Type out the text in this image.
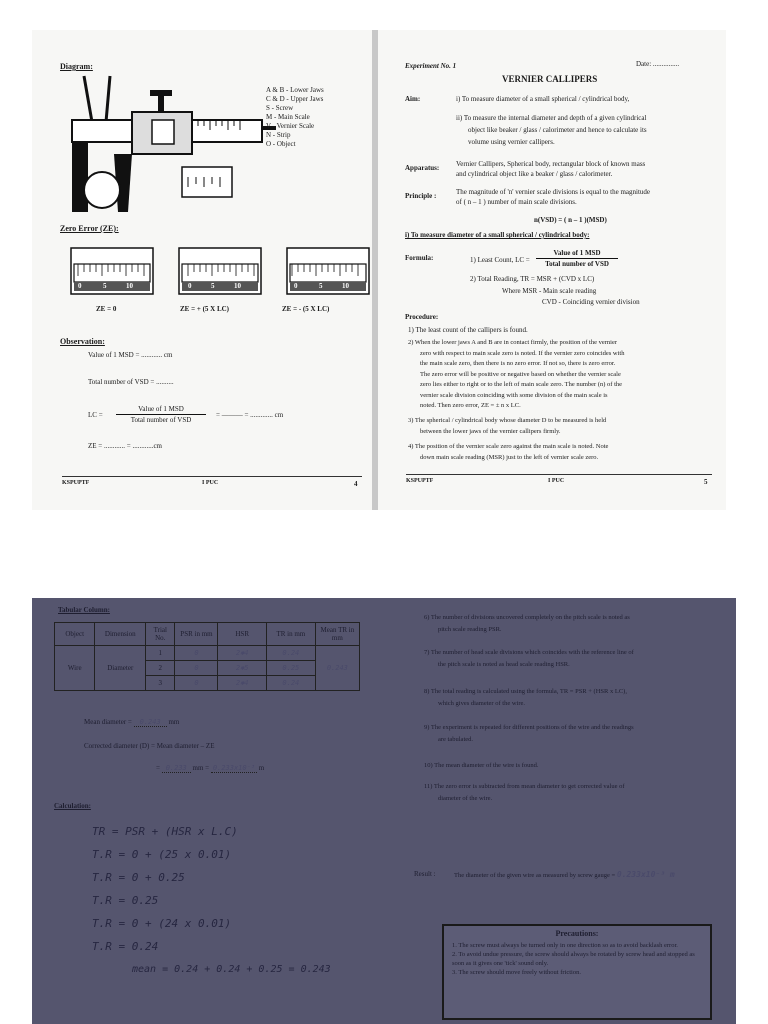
Diagram:
A & B - Lower Jaws
C & D - Upper Jaws
S - Screw
M - Main Scale
V - Vernier Scale
N - Strip
O - Object
Zero Error (ZE):
0	5	10	0	5	10	0	5	10
ZE = 0	ZE = + (5 X LC)	ZE = - (5 X LC)
Observation:
Value of 1 MSD = ............ cm
Total number of VSD = ..........
LC =
Value of 1 MSD
Total number of VSD
= ——— = ............. cm
ZE = ............ = ............cm
KSPUPTF	I PUC	4
Experiment No. 1	Date: ...............
VERNIER CALLIPERS
Aim:	i) To measure diameter of a small spherical / cylindrical body,
ii) To measure the internal diameter and depth of a given cylindrical
object like beaker / glass / calorimeter and hence to calculate its
volume using vernier callipers.
Apparatus: Vernier Callipers, Spherical body, rectangular block of known mass
and cylindrical object like a beaker / glass / calorimeter.
Principle :	The magnitude of 'n' vernier scale divisions is equal to the magnitude
of ( n – 1 ) number of main scale divisions.
n(VSD) = ( n – 1 )(MSD)
i) To measure diameter of a small spherical / cylindrical body:
Formula:	1) Least Count, LC =
Value of 1 MSD
Total number of VSD
2) Total Reading, TR = MSR + (CVD x LC)
Where MSR - Main scale reading
CVD - Coinciding vernier division
Procedure:
1) The least count of the callipers is found.
2) When the lower jaws A and B are in contact firmly, the position of the vernier
zero with respect to main scale zero is noted. If the vernier zero coincides with
the main scale zero, then there is no zero error. If not so, there is zero error.
The zero error will be positive or negative based on whether the vernier scale
zero lies either to right or to the left of main scale zero. The number (n) of the
vernier scale division coinciding with some division of the main scale is
noted. Then zero error, ZE = ± n x LC.
3) The spherical / cylindrical body whose diameter D to be measured is held
between the lower jaws of the vernier callipers firmly.
4) The position of the vernier scale zero against the main scale is noted. Note
down main scale reading (MSR) just to the left of vernier scale zero.
KSPUPTF	I PUC	5
Tabular Column:
Object	Dimension	Trial No.	PSR in mm	HSR	TR in mm	Mean TR in mm
Wire	Diameter	1	0	2✱4	0.24	0.243
		2	0	2✱5	0.25	
		3	0	2✱4	0.24	
Mean diameter = 0.243 mm
Corrected diameter (D) = Mean diameter – ZE
= 0.233 mm = 0.233x10⁻³ m
Calculation:
TR = PSR + (HSR x L.C)
T.R = 0 + (25 x 0.01)
T.R = 0 + 0.25
T.R = 0.25
T.R = 0 + (24 x 0.01)
T.R = 0.24
mean = 0.24 + 0.24 + 0.25 = 0.243
6) The number of divisions uncovered completely on the pitch scale is noted as
pitch scale reading PSR.
7) The number of head scale divisions which coincides with the reference line of
the pitch scale is noted as head scale reading HSR.
8) The total reading is calculated using the formula, TR = PSR + (HSR x LC),
which gives diameter of the wire.
9) The experiment is repeated for different positions of the wire and the readings
are tabulated.
10) The mean diameter of the wire is found.
11) The zero error is subtracted from mean diameter to get corrected value of
diameter of the wire.
Result :	The diameter of the given wire as measured by screw gauge = 0.233x10⁻³ m
Precautions:
1. The screw must always be turned only in one direction so as to avoid backlash error.
2. To avoid undue pressure, the screw should always be rotated by screw head and stopped as soon as it gives one 'tick' sound only.
3. The screw should move freely without friction.
